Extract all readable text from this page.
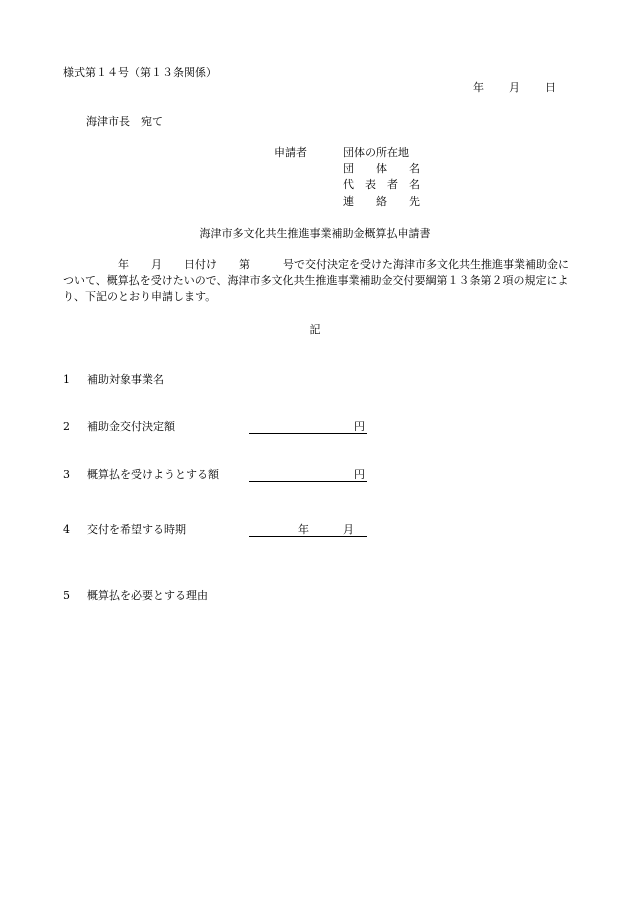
様式第１４号（第１３条関係）
年 月 日
海津市長　宛て
申請者	団体の所在地
団　　体　　名
代　表　者　名
連　　絡　　先
海津市多文化共生推進事業補助金概算払申請書
　　　　　年　　月　　日付け　　第　　　号で交付決定を受けた海津市多文化共生推進事業補助金について、概算払を受けたいので、海津市多文化共生推進事業補助金交付要綱第１３条第２項の規定により、下記のとおり申請します。
記
1 補助対象事業名
2 補助金交付決定額
3 概算払を受けようとする額
4 交付を希望する時期
5 概算払を必要とする理由
円
円
年	月
